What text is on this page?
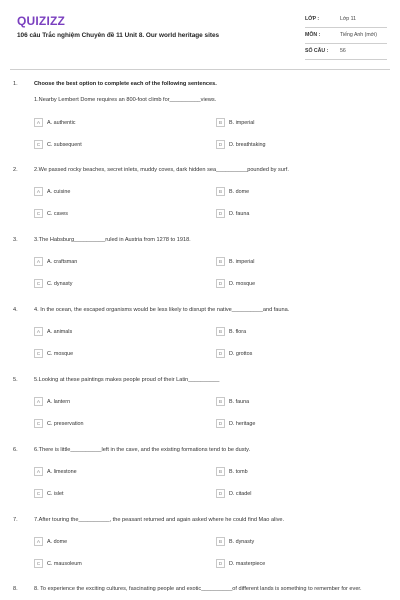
QUIZIZZ
106 câu Trắc nghiệm Chuyên đề 11 Unit 8. Our world heritage sites
LỚP :	Lớp 11
MÔN :	Tiếng Anh (mới)
SỐ CÂU : 56
1.	Choose the best option to complete each of the following sentences.
1.Nearby Lembert Dome requires an 800-foot climb for__________views.
A	A. authentic	B	B. imperial
C	C. subsequent	D	D. breathtaking
2.	2.We passed rocky beaches, secret inlets, muddy coves, dark hidden sea__________pounded by surf.
A	A. cuisine	B	B. dome
C	C. caves	D	D. fauna
3.	3.The Habsburg__________ruled in Austria from 1278 to 1918.
A	A. craftsman	B	B. imperial
C	C. dynasty	D	D. mosque
4.	4. In the ocean, the escaped organisms would be less likely to disrupt the native__________and fauna.
A	A. animals	B	B. flora
C	C. mosque	D	D. grottos
5.	5.Looking at these paintings makes people proud of their Latin__________
A	A. lantern	B	B. fauna
C	C. preservation	D	D. heritage
6.	6.There is little__________left in the cave, and the existing formations tend to be dusty.
A	A. limestone	B	B. tomb
C	C. islet	D	D. citadel
7.	7.After touring the__________, the peasant returned and again asked where he could find Mao alive.
A	A. dome	B	B. dynasty
C	C. mausoleum	D	D. masterpiece
8.	8. To experience the exciting cultures, fascinating people and exotic__________of different lands is something to remember for ever.
